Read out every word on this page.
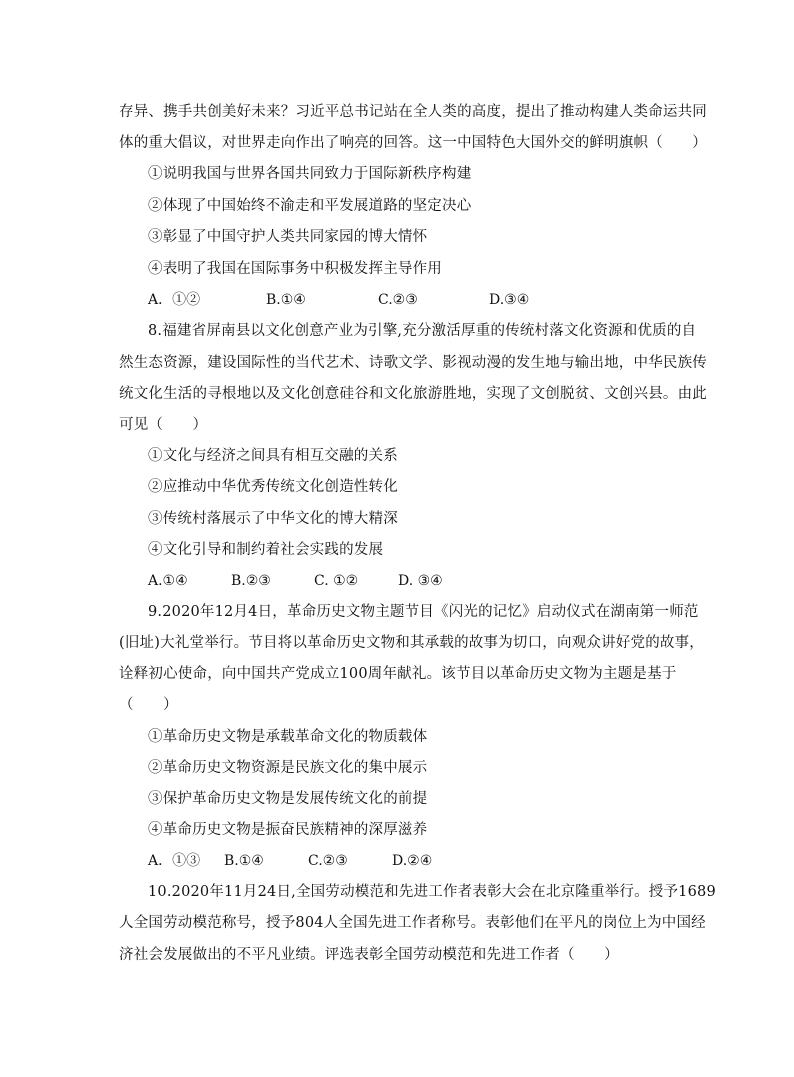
存异、携手共创美好未来？习近平总书记站在全人类的高度，提出了推动构建人类命运共同
体的重大倡议，对世界走向作出了响亮的回答。这一中国特色大国外交的鲜明旗帜（　　）
①说明我国与世界各国共同致力于国际新秩序构建
②体现了中国始终不渝走和平发展道路的坚定决心
③彰显了中国守护人类共同家园的博大情怀
④表明了我国在国际事务中积极发挥主导作用
A．①②	B.①④	C.②③	D.③④
8.福建省屏南县以文化创意产业为引擎,充分激活厚重的传统村落文化资源和优质的自
然生态资源，建设国际性的当代艺术、诗歌文学、影视动漫的发生地与输出地，中华民族传
统文化生活的寻根地以及文化创意硅谷和文化旅游胜地，实现了文创脱贫、文创兴县。由此
可见（　　）
①文化与经济之间具有相互交融的关系
②应推动中华优秀传统文化创造性转化
③传统村落展示了中华文化的博大精深
④文化引导和制约着社会实践的发展
A.①④	B.②③	C. ①②	D. ③④
9.2020年12月4日，革命历史文物主题节目《闪光的记忆》启动仪式在湖南第一师范
(旧址)大礼堂举行。节目将以革命历史文物和其承载的故事为切口，向观众讲好党的故事，
诠释初心使命，向中国共产党成立100周年献礼。该节目以革命历史文物为主题是基于
（　　）
①革命历史文物是承载革命文化的物质载体
②革命历史文物资源是民族文化的集中展示
③保护革命历史文物是发展传统文化的前提
④革命历史文物是振奋民族精神的深厚滋养
A．①③ B.①④	C.②③	D.②④
10.2020年11月24日,全国劳动模范和先进工作者表彰大会在北京隆重举行。授予1689
人全国劳动模范称号，授予804人全国先进工作者称号。表彰他们在平凡的岗位上为中国经
济社会发展做出的不平凡业绩。评选表彰全国劳动模范和先进工作者（　　）
